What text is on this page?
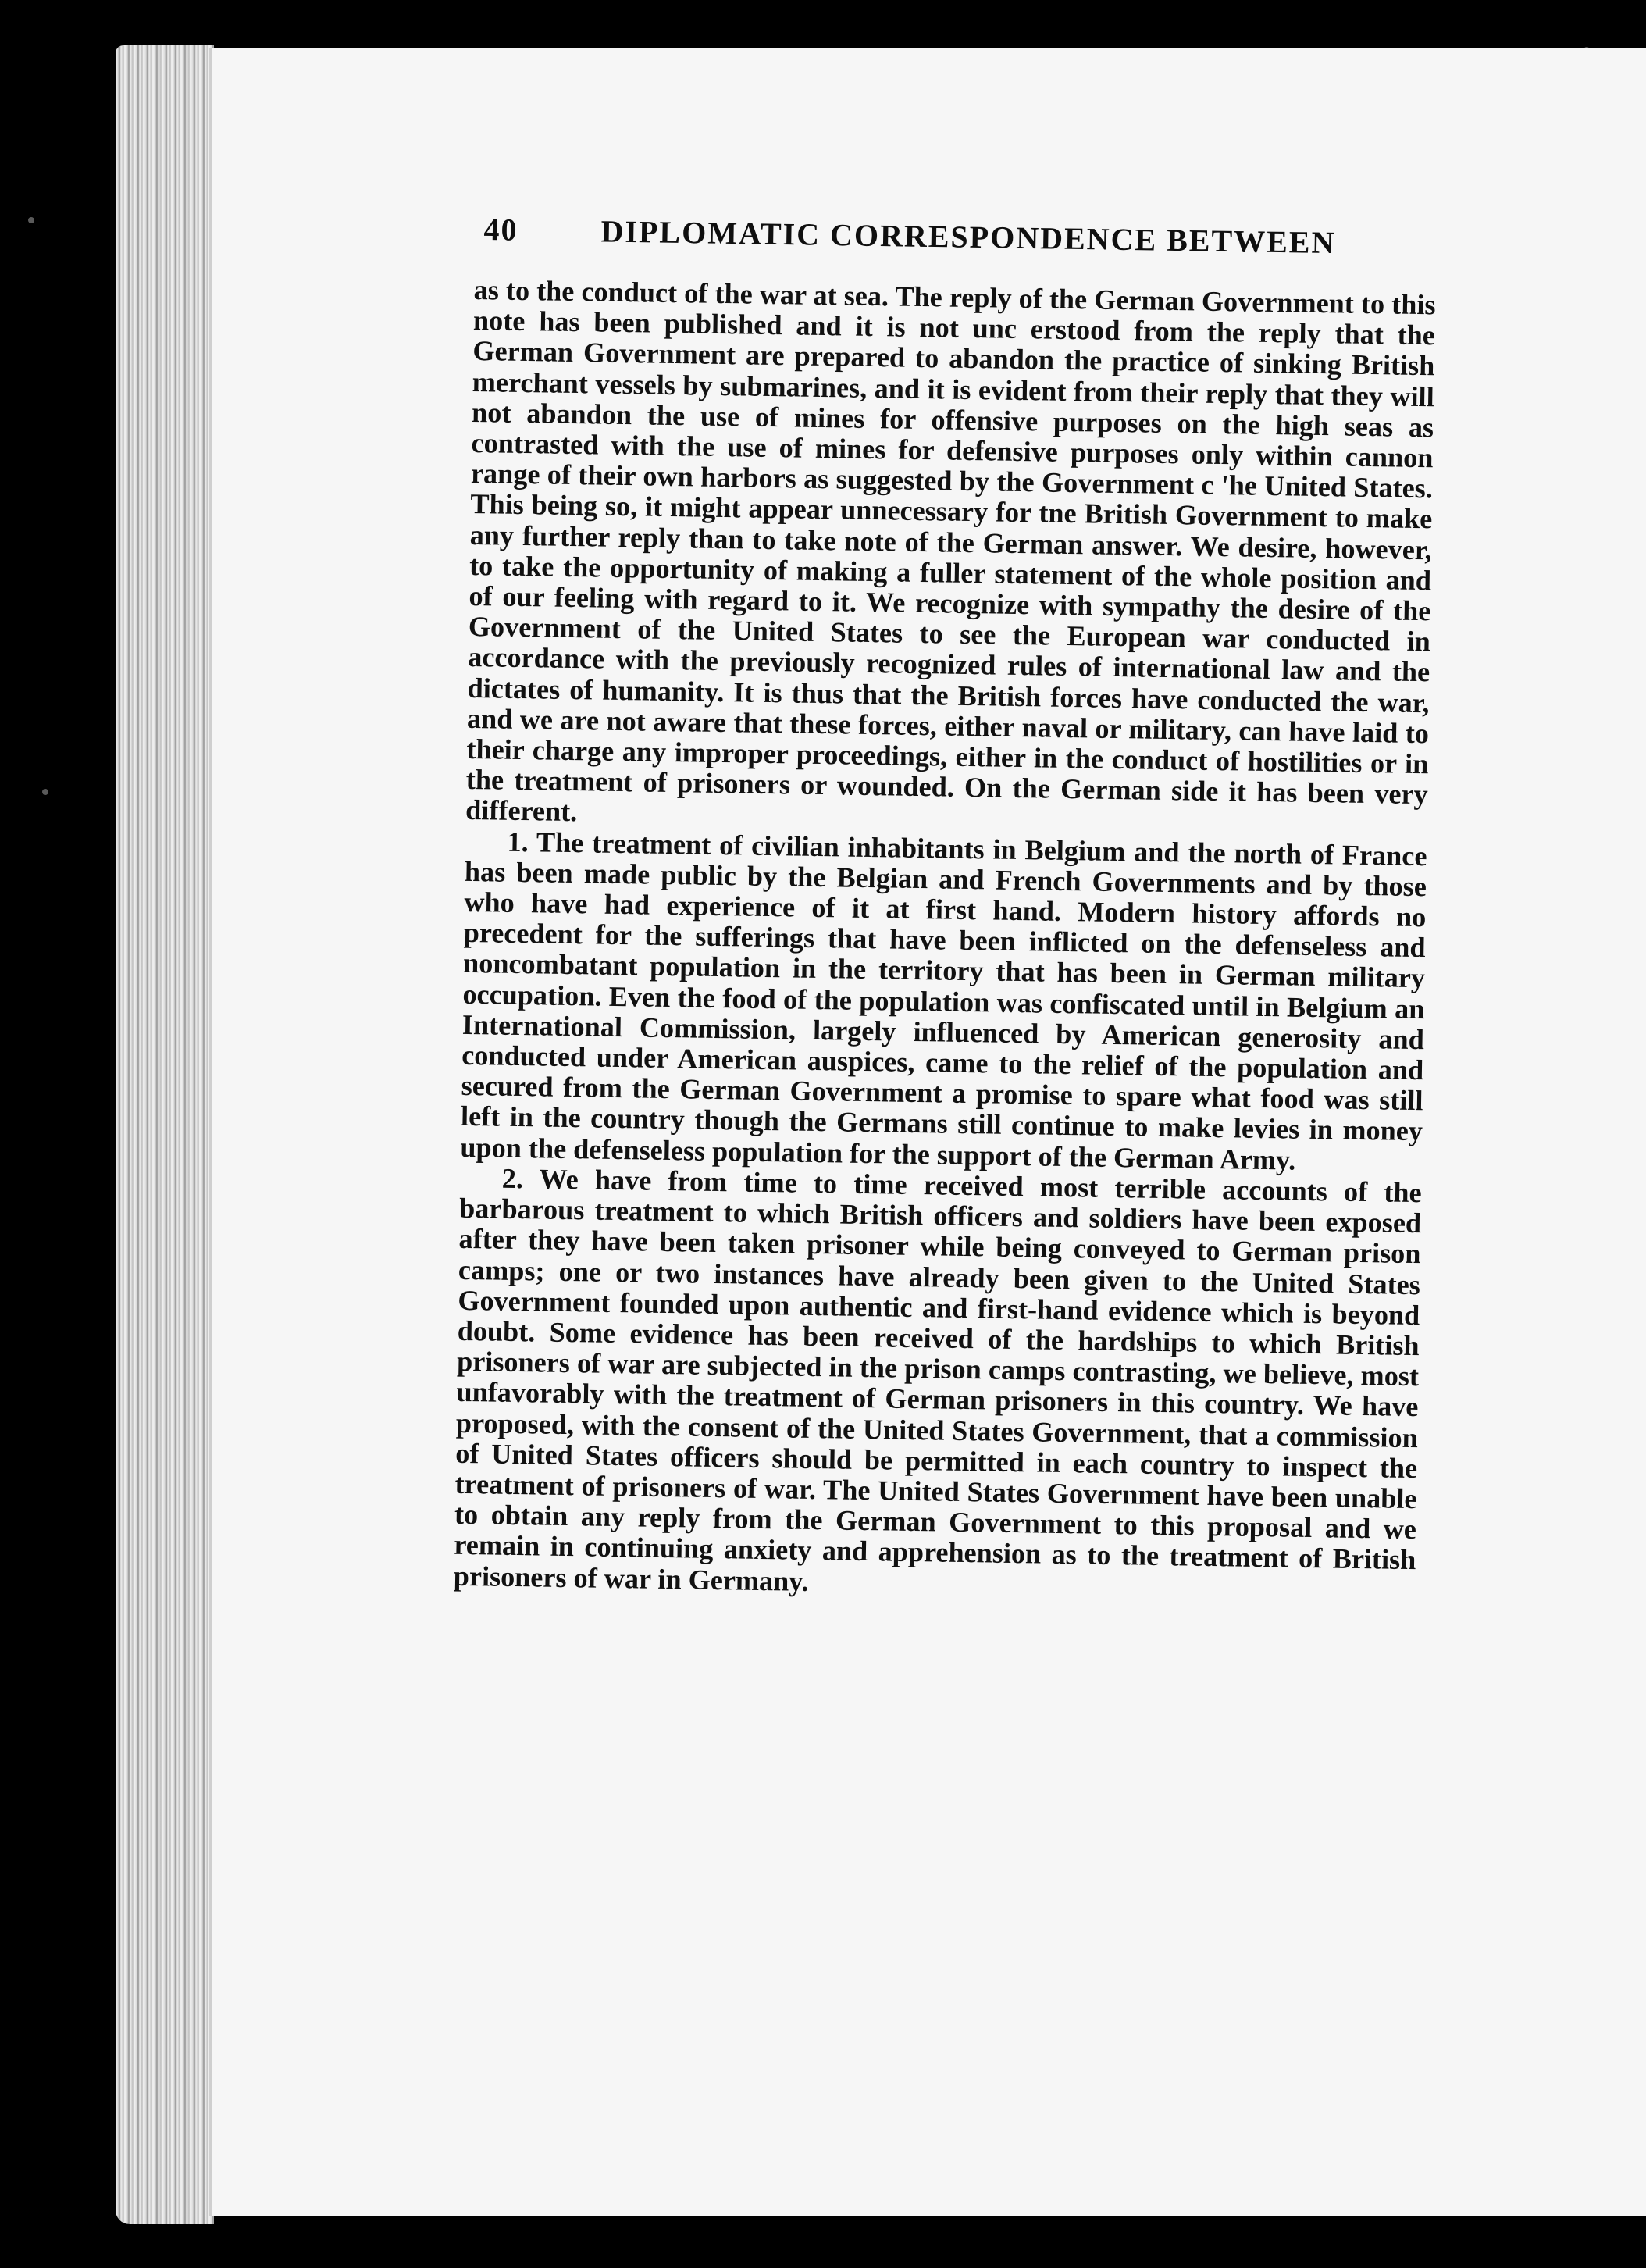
40	DIPLOMATIC CORRESPONDENCE BETWEEN

as to the conduct of the war at sea. The reply of the German Government to this note has been published and it is not unc erstood from the reply that the German Government are prepared to abandon the practice of sinking British merchant vessels by submarines, and it is evident from their reply that they will not abandon the use of mines for offensive purposes on the high seas as contrasted with the use of mines for defensive purposes only within cannon range of their own harbors as suggested by the Government c 'he United States. This being so, it might appear unnecessary for tne British Government to make any further reply than to take note of the German answer. We desire, however, to take the opportunity of making a fuller statement of the whole position and of our feeling with regard to it. We recognize with sympathy the desire of the Government of the United States to see the European war conducted in accordance with the previously recognized rules of international law and the dictates of humanity. It is thus that the British forces have conducted the war, and we are not aware that these forces, either naval or military, can have laid to their charge any improper proceedings, either in the conduct of hostilities or in the treatment of prisoners or wounded. On the German side it has been very different.

1. The treatment of civilian inhabitants in Belgium and the north of France has been made public by the Belgian and French Governments and by those who have had experience of it at first hand. Modern history affords no precedent for the sufferings that have been inflicted on the defenseless and noncombatant population in the territory that has been in German military occupation. Even the food of the population was confiscated until in Belgium an International Commission, largely influenced by American generosity and conducted under American auspices, came to the relief of the population and secured from the German Government a promise to spare what food was still left in the country though the Germans still continue to make levies in money upon the defenseless population for the support of the German Army.

2. We have from time to time received most terrible accounts of the barbarous treatment to which British officers and soldiers have been exposed after they have been taken prisoner while being conveyed to German prison camps; one or two instances have already been given to the United States Government founded upon authentic and first-hand evidence which is beyond doubt. Some evidence has been received of the hardships to which British prisoners of war are subjected in the prison camps contrasting, we believe, most unfavorably with the treatment of German prisoners in this country. We have proposed, with the consent of the United States Government, that a commission of United States officers should be permitted in each country to inspect the treatment of prisoners of war. The United States Government have been unable to obtain any reply from the German Government to this proposal and we remain in continuing anxiety and apprehension as to the treatment of British prisoners of war in Germany.
